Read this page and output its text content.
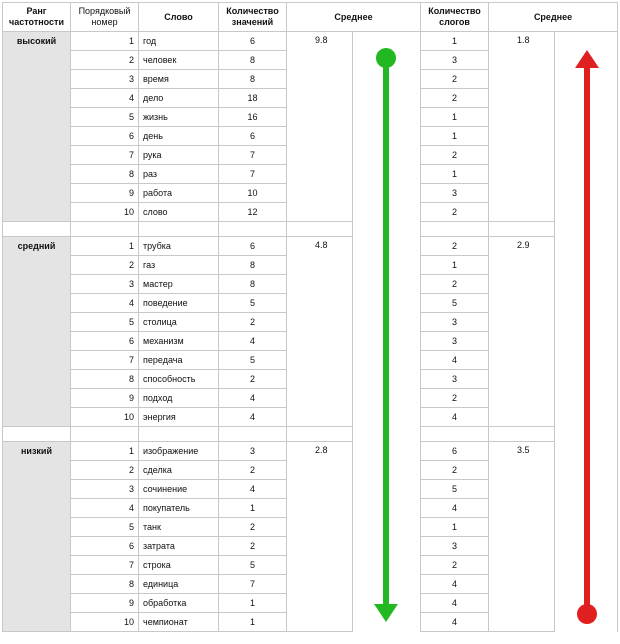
Ранг частотности	Порядковый номер	Слово	Количество значений	Среднее		Количество слогов	Среднее	
высокий	1	год	6	9.8		1	1.8	
	2	человек	8			3		
	3	время	8			2		
	4	дело	18			2		
	5	жизнь	16			1		
	6	день	6			1		
	7	рука	7			2		
	8	раз	7			1		
	9	работа	10			3		
	10	слово	12			2		

средний	1	трубка	6	4.8		2	2.9	
	2	газ	8			1		
	3	мастер	8			2		
	4	поведение	5			5		
	5	столица	2			3		
	6	механизм	4			3		
	7	передача	5			4		
	8	способность	2			3		
	9	подход	4			2		
	10	энергия	4			4		

низкий	1	изображение	3	2.8		6	3.5	
	2	сделка	2			2		
	3	сочинение	4			5		
	4	покупатель	1			4		
	5	танк	2			1		
	6	затрата	2			3		
	7	строка	5			2		
	8	единица	7			4		
	9	обработка	1			4		
	10	чемпионат	1			4		
